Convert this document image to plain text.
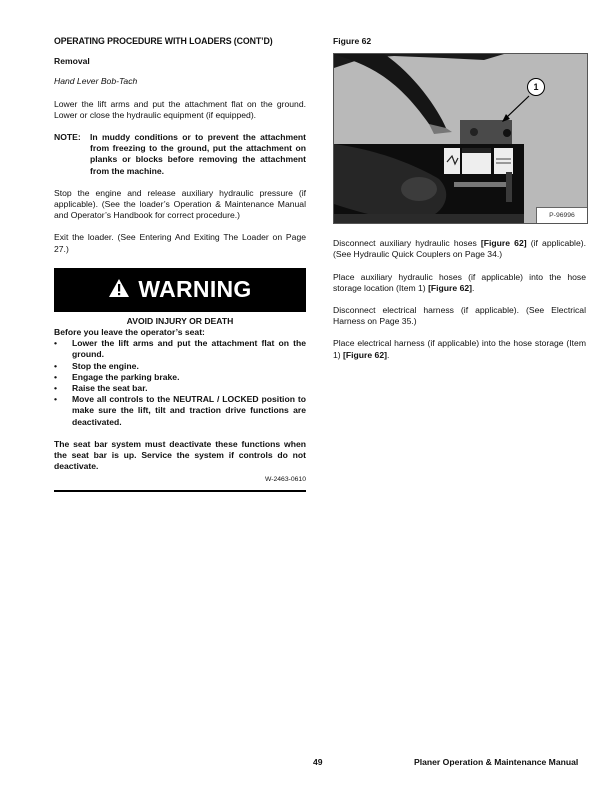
OPERATING PROCEDURE WITH LOADERS (CONT’D)
Removal
Hand Lever Bob-Tach

Lower the lift arms and put the attachment flat on the ground. Lower or close the hydraulic equipment (if equipped).

NOTE:	In muddy conditions or to prevent the attachment from freezing to the ground, put the attachment on planks or blocks before removing the attachment from the machine.

Stop the engine and release auxiliary hydraulic pressure (if applicable). (See the loader’s Operation & Maintenance Manual and Operator’s Handbook for correct procedure.)

Exit the loader. (See Entering And Exiting The Loader on Page 27.)

WARNING
AVOID INJURY OR DEATH
Before you leave the operator’s seat:
•	Lower the lift arms and put the attachment flat on the ground.
•	Stop the engine.
•	Engage the parking brake.
•	Raise the seat bar.
•	Move all controls to the NEUTRAL / LOCKED position to make sure the lift, tilt and traction drive functions are deactivated.
The seat bar system must deactivate these functions when the seat bar is up. Service the system if controls do not deactivate.
W-2463-0610
Figure 62
1
P-96996

Disconnect auxiliary hydraulic hoses [Figure 62] (if applicable). (See Hydraulic Quick Couplers on Page 34.)

Place auxiliary hydraulic hoses (if applicable) into the hose storage location (Item 1) [Figure 62].

Disconnect electrical harness (if applicable). (See Electrical Harness on Page 35.)

Place electrical harness (if applicable) into the hose storage (Item 1) [Figure 62].

49	Planer Operation & Maintenance Manual
